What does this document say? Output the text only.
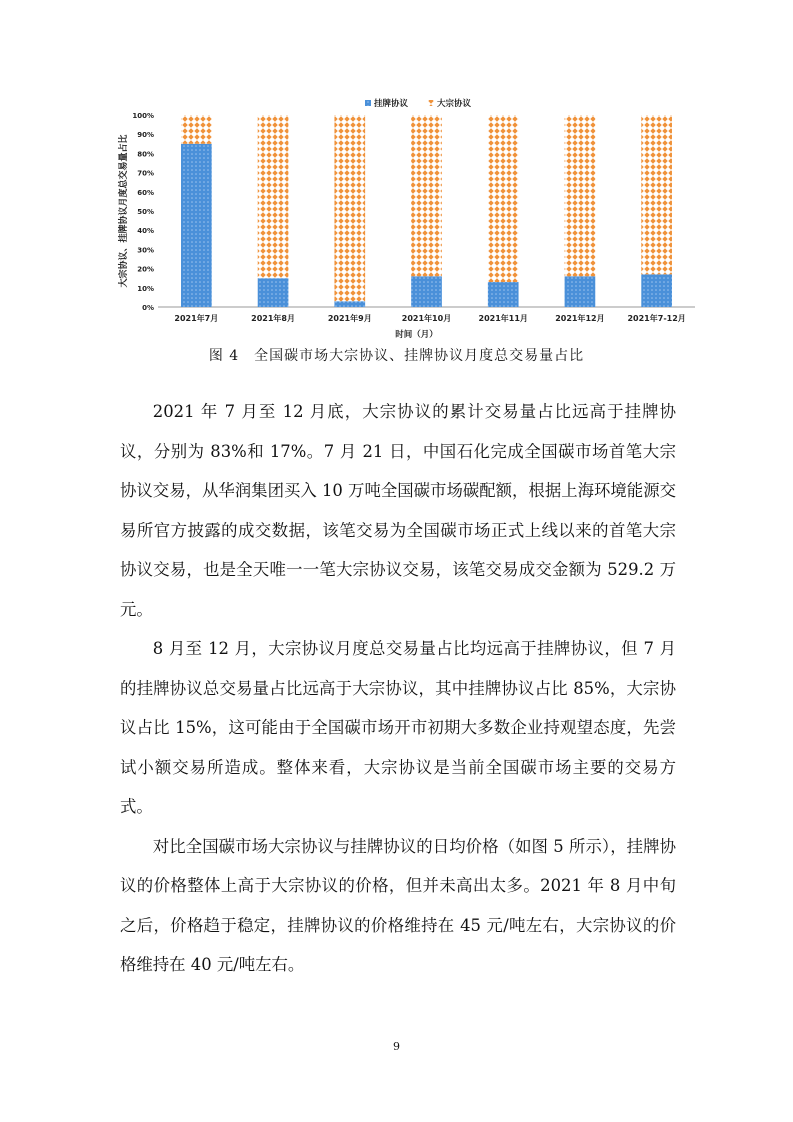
大宗协议、挂牌协议月度总交易量占比
0%
10%
20%
30%
40%
50%
60%
70%
80%
90%
100%
2021年7月	2021年8月	2021年9月	2021年10月	2021年11月	2021年12月	2021年7-12月
时间（月）
挂牌协议	大宗协议
图 4　全国碳市场大宗协议、挂牌协议月度总交易量占比

2021 年 7 月至 12 月底，大宗协议的累计交易量占比远高于挂牌协议，分别为 83%和 17%。7 月 21 日，中国石化完成全国碳市场首笔大宗协议交易，从华润集团买入 10 万吨全国碳市场碳配额，根据上海环境能源交易所官方披露的成交数据，该笔交易为全国碳市场正式上线以来的首笔大宗协议交易，也是全天唯一一笔大宗协议交易，该笔交易成交金额为 529.2 万元。

8 月至 12 月，大宗协议月度总交易量占比均远高于挂牌协议，但 7 月的挂牌协议总交易量占比远高于大宗协议，其中挂牌协议占比 85%，大宗协议占比 15%，这可能由于全国碳市场开市初期大多数企业持观望态度，先尝试小额交易所造成。整体来看，大宗协议是当前全国碳市场主要的交易方式。

对比全国碳市场大宗协议与挂牌协议的日均价格（如图 5 所示），挂牌协议的价格整体上高于大宗协议的价格，但并未高出太多。2021 年 8 月中旬之后，价格趋于稳定，挂牌协议的价格维持在 45 元/吨左右，大宗协议的价格维持在 40 元/吨左右。

9
